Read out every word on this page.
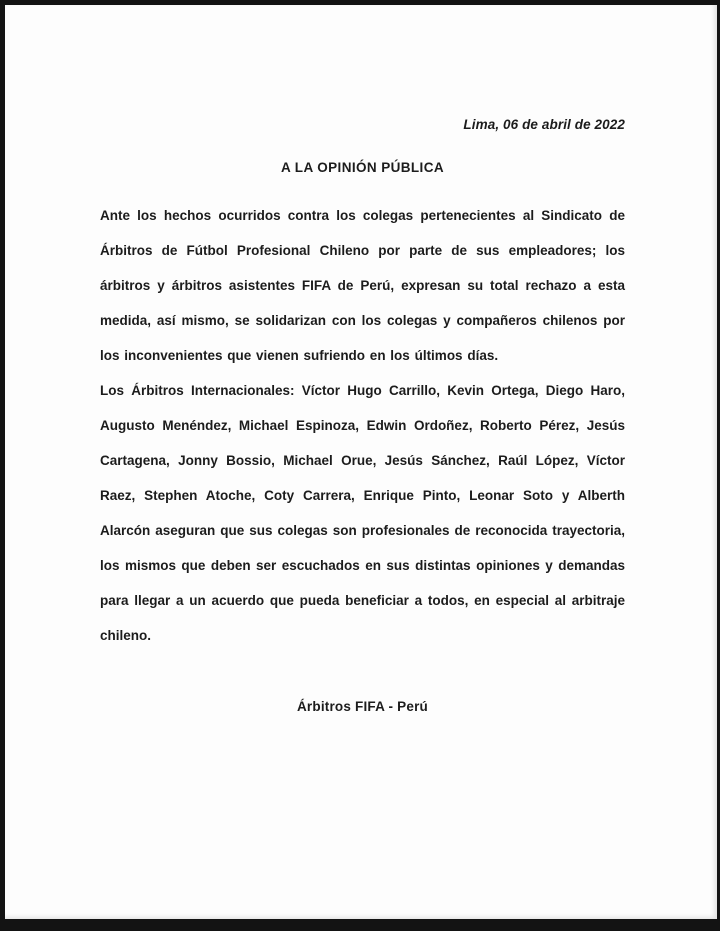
Lima, 06 de abril de 2022
A LA OPINIÓN PÚBLICA

Ante los hechos ocurridos contra los colegas pertenecientes al Sindicato de Árbitros de Fútbol Profesional Chileno por parte de sus empleadores; los árbitros y árbitros asistentes FIFA de Perú, expresan su total rechazo a esta medida, así mismo, se solidarizan con los colegas y compañeros chilenos por los inconvenientes que vienen sufriendo en los últimos días.

Los Árbitros Internacionales: Víctor Hugo Carrillo, Kevin Ortega, Diego Haro, Augusto Menéndez, Michael Espinoza, Edwin Ordoñez, Roberto Pérez, Jesús Cartagena, Jonny Bossio, Michael Orue, Jesús Sánchez, Raúl López, Víctor Raez, Stephen Atoche, Coty Carrera, Enrique Pinto, Leonar Soto y Alberth Alarcón aseguran que sus colegas son profesionales de reconocida trayectoria, los mismos que deben ser escuchados en sus distintas opiniones y demandas para llegar a un acuerdo que pueda beneficiar a todos, en especial al arbitraje chileno.

Árbitros FIFA - Perú
